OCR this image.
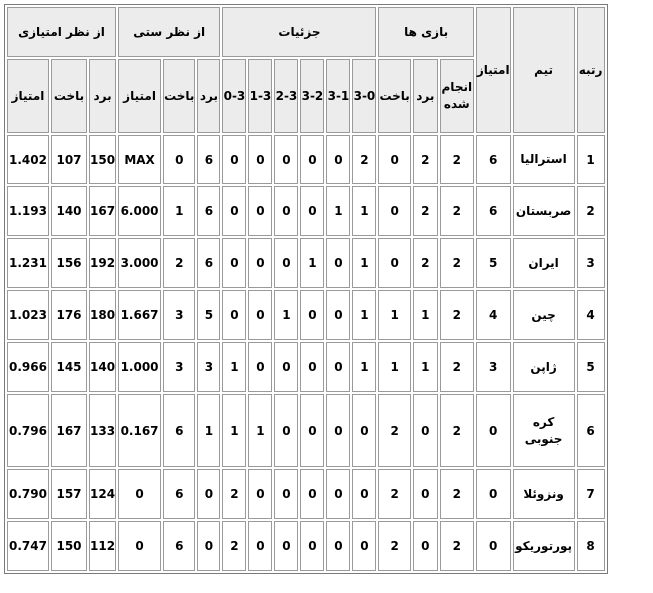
رتبه	تیم	امتیاز	بازی ها			جزئیات						از نظر ستی			از نظر امتیازی		
			انجام شده	برد	باخت	3-0	3-1	3-2	2-3	1-3	0-3	برد	باخت	امتیاز	برد	باخت	امتیاز
1	استرالیا	6	2	2	0	2	0	0	0	0	0	6	0	MAX	150	107	1.402
2	صربستان	6	2	2	0	1	1	0	0	0	0	6	1	6.000	167	140	1.193
3	ایران	5	2	2	0	1	0	1	0	0	0	6	2	3.000	192	156	1.231
4	چین	4	2	1	1	1	0	0	1	0	0	5	3	1.667	180	176	1.023
5	ژاپن	3	2	1	1	1	0	0	0	0	1	3	3	1.000	140	145	0.966
6	کره جنوبی	0	2	0	2	0	0	0	0	1	1	1	6	0.167	133	167	0.796
7	ونزوئلا	0	2	0	2	0	0	0	0	0	2	0	6	0	124	157	0.790
8	پورتوریکو	0	2	0	2	0	0	0	0	0	2	0	6	0	112	150	0.747
